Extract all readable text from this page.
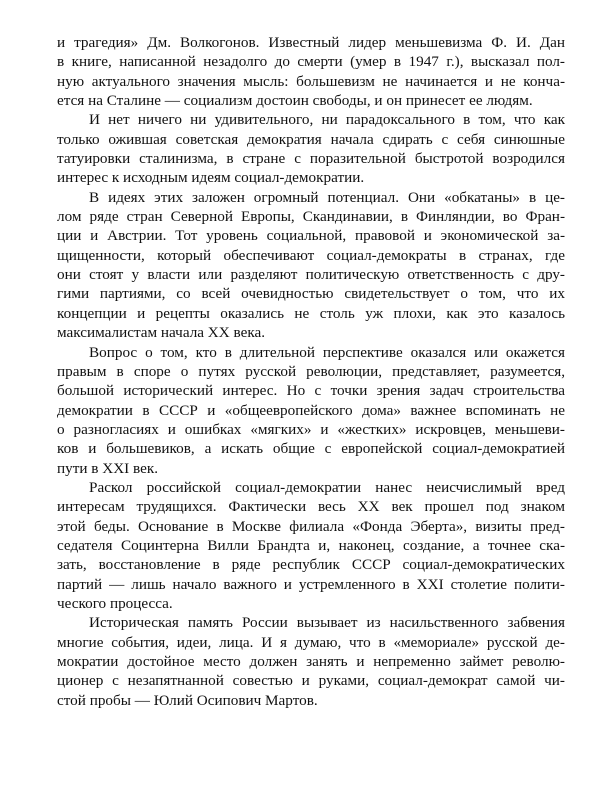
и трагедия» Дм. Волкогонов. Известный лидер меньшевизма Ф. И. Дан
в книге, написанной незадолго до смерти (умер в 1947 г.), высказал пол-
ную актуального значения мысль: большевизм не начинается и не конча-
ется на Сталине — социализм достоин свободы, и он принесет ее людям.
И нет ничего ни удивительного, ни парадоксального в том, что как
только ожившая советская демократия начала сдирать с себя синюшные
татуировки сталинизма, в стране с поразительной быстротой возродился
интерес к исходным идеям социал-демократии.
В идеях этих заложен огромный потенциал. Они «обкатаны» в це-
лом ряде стран Северной Европы, Скандинавии, в Финляндии, во Фран-
ции и Австрии. Тот уровень социальной, правовой и экономической за-
щищенности, который обеспечивают социал-демократы в странах, где
они стоят у власти или разделяют политическую ответственность с дру-
гими партиями, со всей очевидностью свидетельствует о том, что их
концепции и рецепты оказались не столь уж плохи, как это казалось
максималистам начала XX века.
Вопрос о том, кто в длительной перспективе оказался или окажется
правым в споре о путях русской революции, представляет, разумеется,
большой исторический интерес. Но с точки зрения задач строительства
демократии в СССР и «общеевропейского дома» важнее вспоминать не
о разногласиях и ошибках «мягких» и «жестких» искровцев, меньшеви-
ков и большевиков, а искать общие с европейской социал-демократией
пути в XXI век.
Раскол российской социал-демократии нанес неисчислимый вред
интересам трудящихся. Фактически весь XX век прошел под знаком
этой беды. Основание в Москве филиала «Фонда Эберта», визиты пред-
седателя Социнтерна Вилли Брандта и, наконец, создание, а точнее ска-
зать, восстановление в ряде республик СССР социал-демократических
партий — лишь начало важного и устремленного в XXI столетие полити-
ческого процесса.
Историческая память России вызывает из насильственного забвения
многие события, идеи, лица. И я думаю, что в «мемориале» русской де-
мократии достойное место должен занять и непременно займет револю-
ционер с незапятнанной совестью и руками, социал-демократ самой чи-
стой пробы — Юлий Осипович Мартов.
